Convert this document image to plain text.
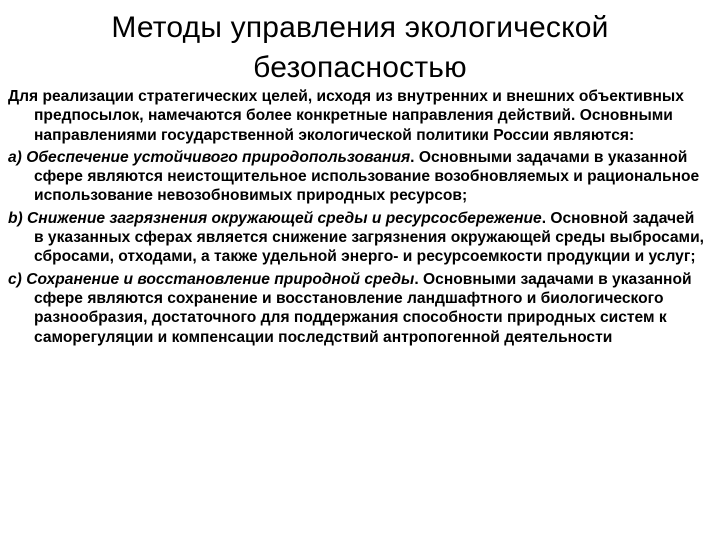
Методы управления экологической
безопасностью

Для реализации стратегических целей, исходя из внутренних и внешних объективных предпосылок, намечаются более конкретные направления действий. Основными направлениями государственной экологической политики России являются:

a) Обеспечение устойчивого природопользования. Основными задачами в указанной сфере являются неистощительное использование возобновляемых и рациональное использование невозобновимых природных ресурсов;

b) Снижение загрязнения окружающей среды и ресурсосбережение. Основной задачей в указанных сферах является снижение загрязнения окружающей среды выбросами, сбросами, отходами, а также удельной энерго- и ресурсоемкости продукции и услуг;

c) Сохранение и восстановление природной среды. Основными задачами в указанной сфере являются сохранение и восстановление ландшафтного и биологического разнообразия, достаточного для поддержания способности природных систем к саморегуляции и компенсации последствий антропогенной деятельности
